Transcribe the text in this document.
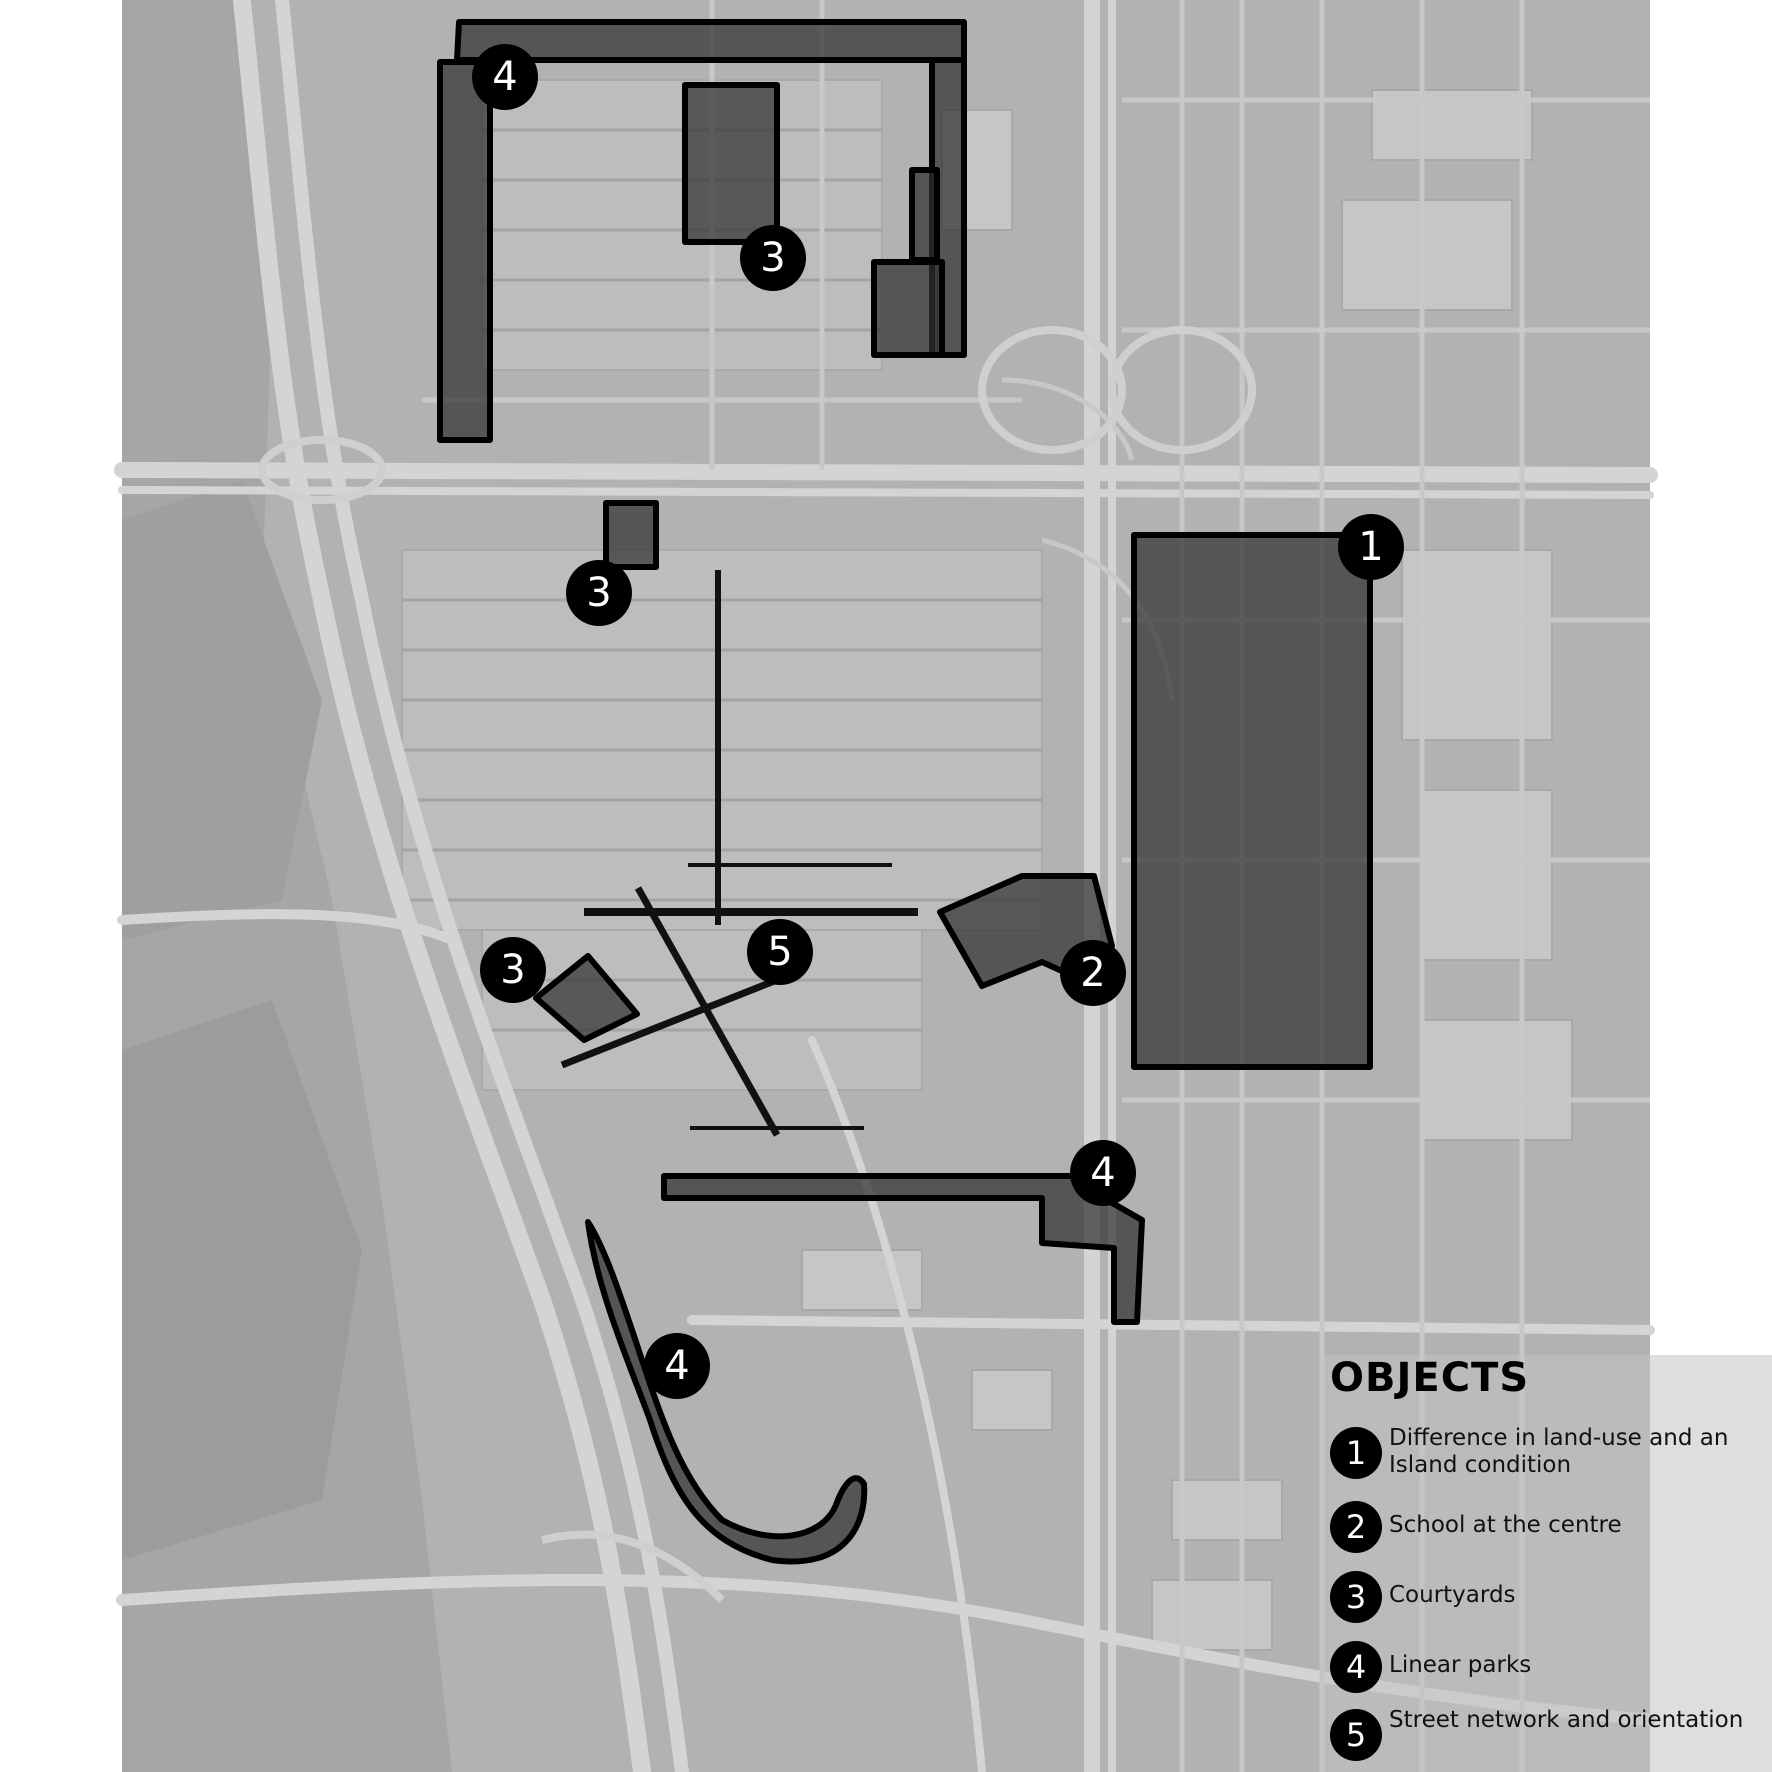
4
3
3
1
5
3	2
4
4	OBJECTS
1 Difference in land-use and an Island condition
2 School at the centre
3 Courtyards
4 Linear parks
5 Street network and orientation
